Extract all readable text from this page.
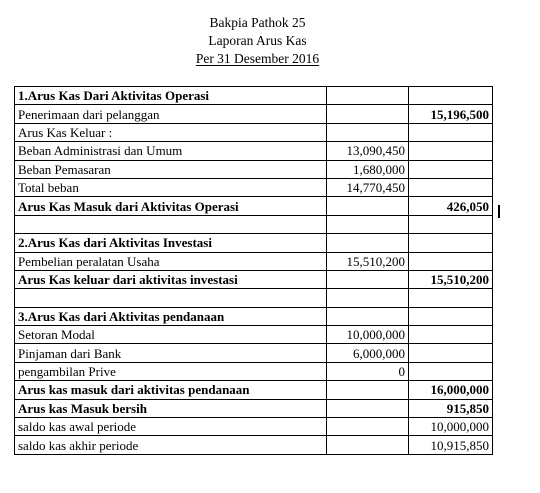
Bakpia Pathok 25
Laporan Arus Kas
Per 31 Desember 2016
1.Arus Kas Dari Aktivitas Operasi		
Penerimaan dari pelanggan		15,196,500
Arus Kas Keluar :		
Beban Administrasi dan Umum	13,090,450	
Beban Pemasaran	1,680,000	
Total beban	14,770,450	
Arus Kas Masuk dari Aktivitas Operasi		426,050

2.Arus Kas dari Aktivitas Investasi		
Pembelian peralatan Usaha	15,510,200	
Arus Kas keluar dari aktivitas investasi		15,510,200

3.Arus Kas dari Aktivitas pendanaan		
Setoran Modal	10,000,000	
Pinjaman dari Bank	6,000,000	
pengambilan Prive	0	
Arus kas masuk dari aktivitas pendanaan		16,000,000
Arus kas Masuk bersih		915,850
saldo kas awal periode		10,000,000
saldo kas akhir periode		10,915,850
